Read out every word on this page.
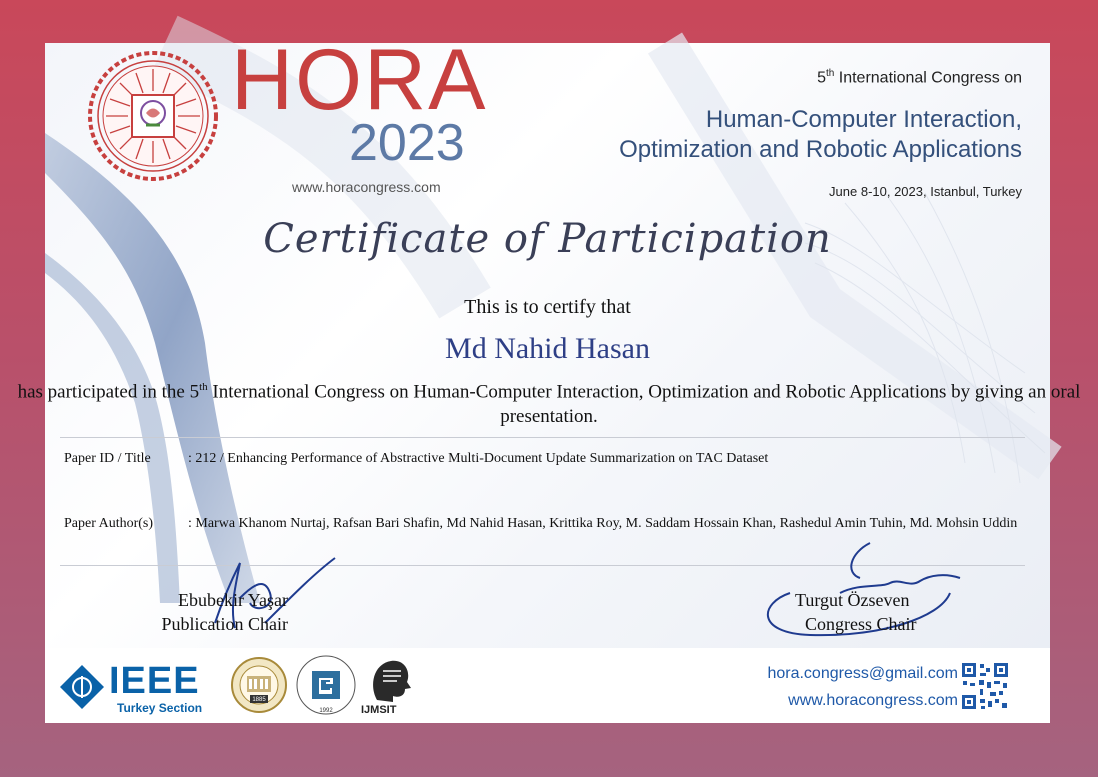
HORA
2023
www.horacongress.com
5th International Congress on
Human-Computer Interaction,
Optimization and Robotic Applications
June 8-10, 2023, Istanbul, Turkey
Certificate of Participation
This is to certify that
Md Nahid Hasan
has participated in the 5th International Congress on Human-Computer Interaction, Optimization and Robotic Applications by giving an oral presentation.
Paper ID / Title	: 212 / Enhancing Performance of Abstractive Multi-Document Update Summarization on TAC Dataset
Paper Author(s) : Marwa Khanom Nurtaj, Rafsan Bari Shafin, Md Nahid Hasan, Krittika Roy, M. Saddam Hossain Khan, Rashedul Amin Tuhin, Md. Mohsin Uddin
Ebubekir Yaşar
Publication Chair
Turgut Özseven
Congress Chair
IEEE
Turkey Section
1885
1992	IJMSIT
hora.congress@gmail.com
www.horacongress.com
